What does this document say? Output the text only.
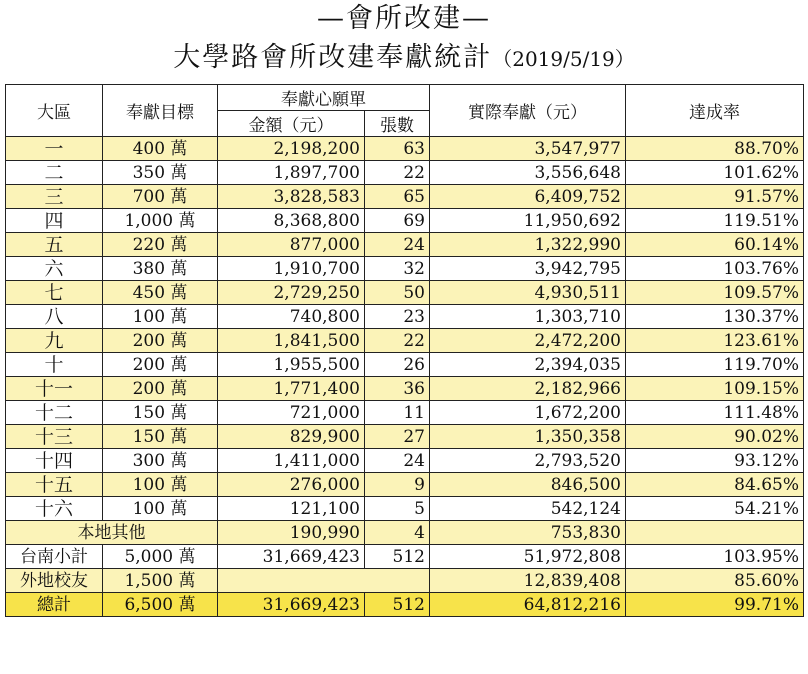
—會所改建—
大學路會所改建奉獻統計（2019/5/19）
大區	奉獻目標	奉獻心願單		實際奉獻（元）	達成率
		金額（元）	張數		
一	400 萬	2,198,200	63	3,547,977	88.70%
二	350 萬	1,897,700	22	3,556,648	101.62%
三	700 萬	3,828,583	65	6,409,752	91.57%
四	1,000 萬	8,368,800	69	11,950,692	119.51%
五	220 萬	877,000	24	1,322,990	60.14%
六	380 萬	1,910,700	32	3,942,795	103.76%
七	450 萬	2,729,250	50	4,930,511	109.57%
八	100 萬	740,800	23	1,303,710	130.37%
九	200 萬	1,841,500	22	2,472,200	123.61%
十	200 萬	1,955,500	26	2,394,035	119.70%
十一	200 萬	1,771,400	36	2,182,966	109.15%
十二	150 萬	721,000	11	1,672,200	111.48%
十三	150 萬	829,900	27	1,350,358	90.02%
十四	300 萬	1,411,000	24	2,793,520	93.12%
十五	100 萬	276,000	9	846,500	84.65%
十六	100 萬	121,100	5	542,124	54.21%
本地其他		190,990	4	753,830	
台南小計	5,000 萬	31,669,423	512	51,972,808	103.95%
外地校友	1,500 萬			12,839,408	85.60%
總計	6,500 萬	31,669,423	512	64,812,216	99.71%
